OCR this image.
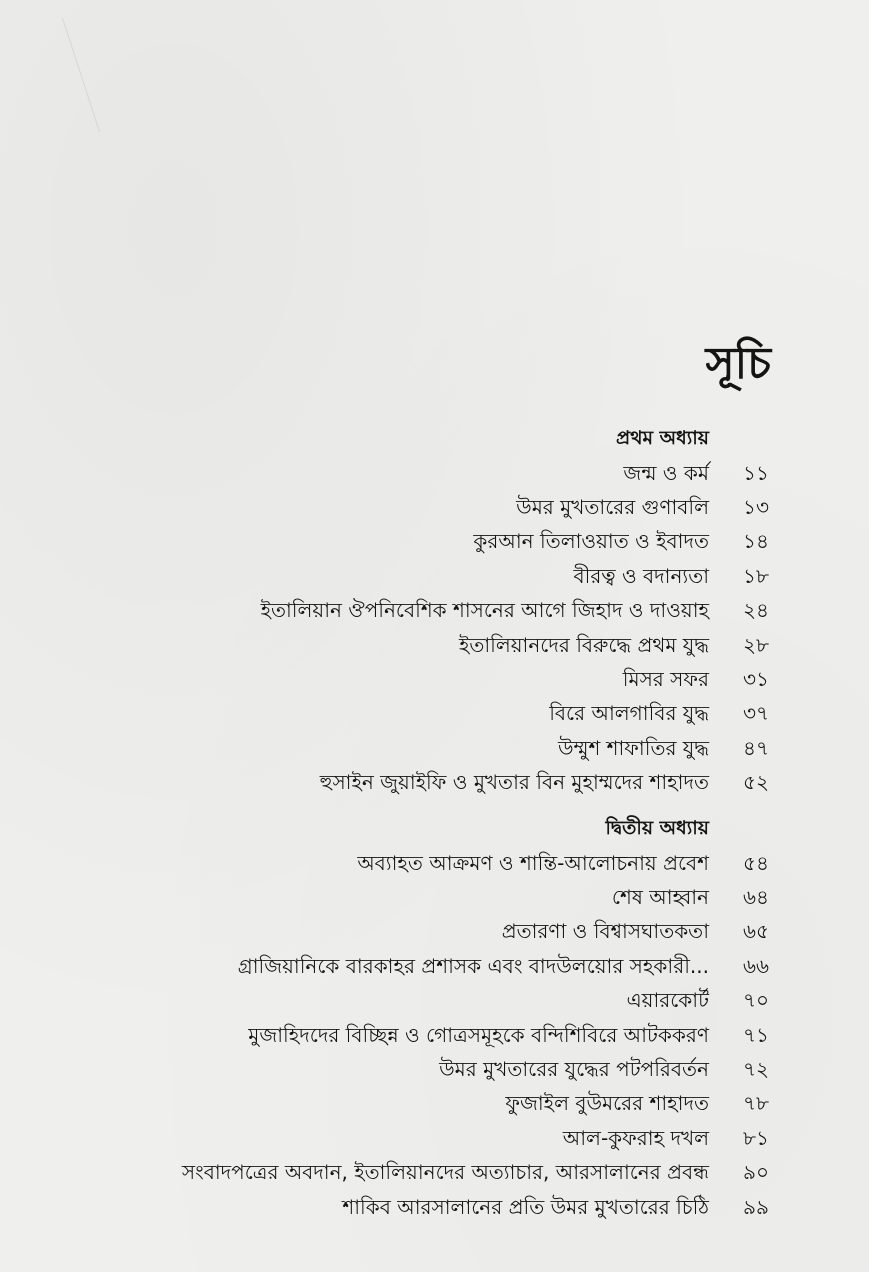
সূচি
প্রথম অধ্যায়
জন্ম ও কর্ম	১১
উমর মুখতারের গুণাবলি	১৩
কুরআন তিলাওয়াত ও ইবাদত	১৪
বীরত্ব ও বদান্যতা	১৮
ইতালিয়ান ঔপনিবেশিক শাসনের আগে জিহাদ ও দাওয়াহ	২৪
ইতালিয়ানদের বিরুদ্ধে প্রথম যুদ্ধ	২৮
মিসর সফর	৩১
বিরে আলগাবির যুদ্ধ	৩৭
উম্মুশ শাফাতির যুদ্ধ	৪৭
হুসাইন জুয়াইফি ও মুখতার বিন মুহাম্মদের শাহাদত	৫২
দ্বিতীয় অধ্যায়
অব্যাহত আক্রমণ ও শান্তি-আলোচনায় প্রবেশ	৫৪
শেষ আহ্বান	৬৪
প্রতারণা ও বিশ্বাসঘাতকতা	৬৫
গ্রাজিয়ানিকে বারকাহর প্রশাসক এবং বাদউলয়োর সহকারী...	৬৬
এয়ারকোর্ট	৭০
মুজাহিদদের বিচ্ছিন্ন ও গোত্রসমূহকে বন্দিশিবিরে আটককরণ	৭১
উমর মুখতারের যুদ্ধের পটপরিবর্তন	৭২
ফুজাইল বুউমরের শাহাদত	৭৮
আল-কুফরাহ দখল	৮১
সংবাদপত্রের অবদান, ইতালিয়ানদের অত্যাচার, আরসালানের প্রবন্ধ	৯০
শাকিব আরসালানের প্রতি উমর মুখতারের চিঠি	৯৯
